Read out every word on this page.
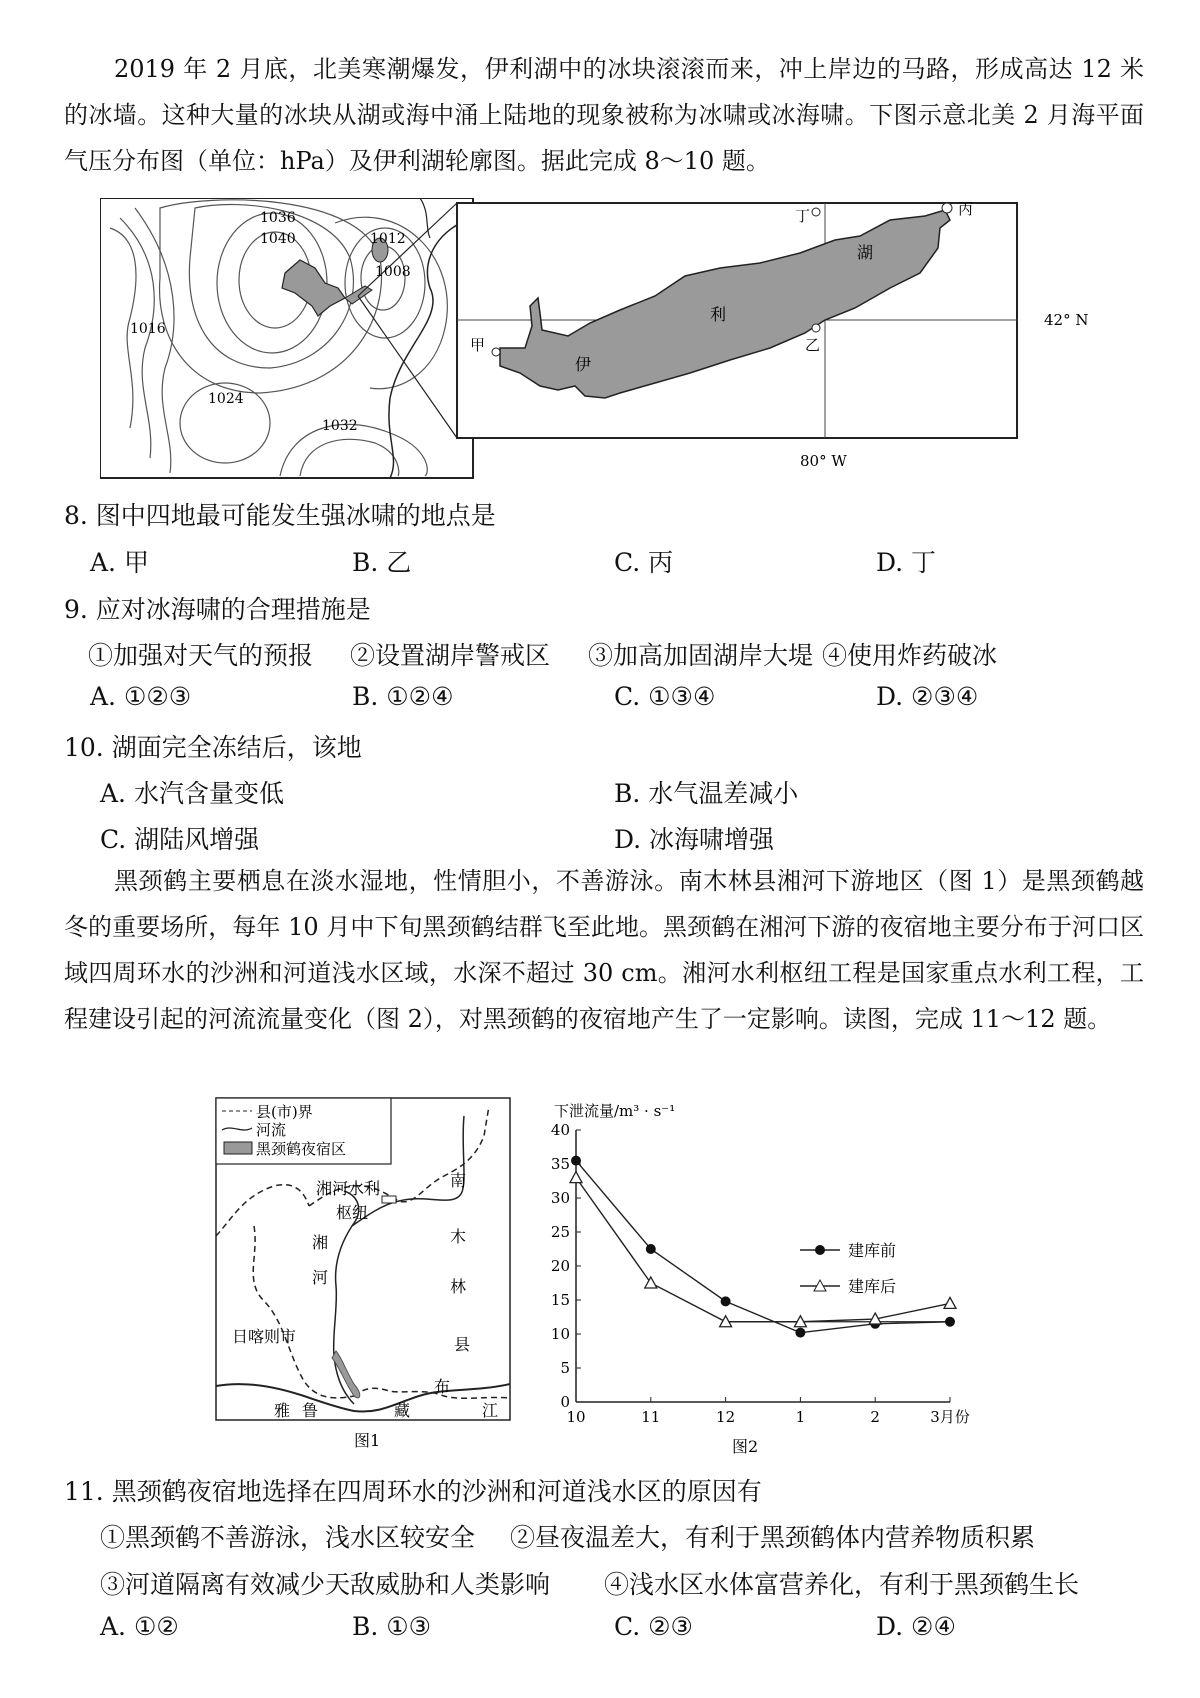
2019 年 2 月底，北美寒潮爆发，伊利湖中的冰块滚滚而来，冲上岸边的马路，形成高达 12 米的冰墙。这种大量的冰块从湖或海中涌上陆地的现象被称为冰啸或冰海啸。下图示意北美 2 月海平面气压分布图（单位：hPa）及伊利湖轮廓图。据此完成 8～10 题。
1036
1040	1012
1008
1016
1024
1032
湖
利
伊
甲	乙
丙
丁
42° N
80° W
8. 图中四地最可能发生强冰啸的地点是
A. 甲	B. 乙	C. 丙	D. 丁
9. 应对冰海啸的合理措施是
①加强对天气的预报 ②设置湖岸警戒区 ③加高加固湖岸大堤 ④使用炸药破冰
A. ①②③	B. ①②④	C. ①③④	D. ②③④
10. 湖面完全冻结后，该地
A. 水汽含量变低	B. 水气温差减小
C. 湖陆风增强	D. 冰海啸增强
黑颈鹤主要栖息在淡水湿地，性情胆小，不善游泳。南木林县湘河下游地区（图 1）是黑颈鹤越冬的重要场所，每年 10 月中下旬黑颈鹤结群飞至此地。黑颈鹤在湘河下游的夜宿地主要分布于河口区域四周环水的沙洲和河道浅水区域，水深不超过 30 cm。湘河水利枢纽工程是国家重点水利工程，工程建设引起的河流流量变化（图 2），对黑颈鹤的夜宿地产生了一定影响。读图，完成 11～12 题。
县(市)界
河流
黑颈鹤夜宿区
湘河水利
枢纽
湘
河
南
木
林
县
日喀则市
雅 鲁	藏
布
江
图1
下泄流量/m³ · s⁻¹
0
5
10
15
20
25
30
35
40
10	11	12	1	2	3月份
建库前
建库后
图2
11. 黑颈鹤夜宿地选择在四周环水的沙洲和河道浅水区的原因有
①黑颈鹤不善游泳，浅水区较安全 ②昼夜温差大，有利于黑颈鹤体内营养物质积累
③河道隔离有效减少天敌威胁和人类影响 ④浅水区水体富营养化，有利于黑颈鹤生长
A. ①②	B. ①③	C. ②③	D. ②④
